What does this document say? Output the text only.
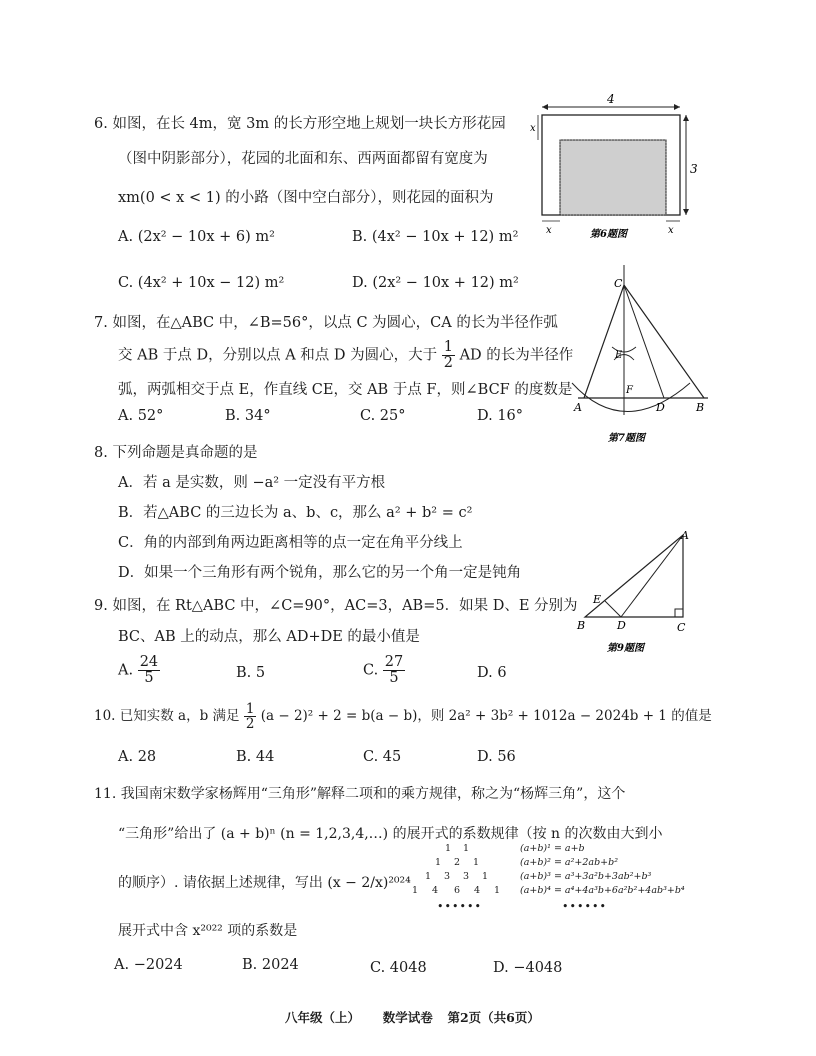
6. 如图，在长 4m，宽 3m 的长方形空地上规划一块长方形花园
（图中阴影部分），花园的北面和东、西两面都留有宽度为
xm(0 < x < 1) 的小路（图中空白部分），则花园的面积为
A. (2x² − 10x + 6) m²	B. (4x² − 10x + 12) m²
C. (4x² + 10x − 12) m²	D. (2x² − 10x + 12) m²
4
3
x
x	x
第6题图
7. 如图，在△ABC 中，∠B=56°，以点 C 为圆心，CA 的长为半径作弧
交 AB 于点 D，分别以点 A 和点 D 为圆心，大于 $\frac{1}{2}$ AD 的长为半径作
弧，两弧相交于点 E，作直线 CE，交 AB 于点 F，则∠BCF 的度数是
A. 52°	B. 34°	C. 25°	D. 16°
C
E
F
A	D	B
第7题图
8. 下列命题是真命题的是
A．若 a 是实数，则 −a² 一定没有平方根
B．若△ABC 的三边长为 a、b、c，那么 a² + b² = c²
C．角的内部到角两边距离相等的点一定在角平分线上
D．如果一个三角形有两个锐角，那么它的另一个角一定是钝角
A
E
B	D	C
第9题图
9. 如图，在 Rt△ABC 中，∠C=90°，AC=3，AB=5．如果 D、E 分别为
BC、AB 上的动点，那么 AD+DE 的最小值是
A. $\frac{24}{5}$	B. 5	C. $\frac{27}{5}$	D. 6
10. 已知实数 a，b 满足 $\frac{1}{2} (a - 2)^2 + 2 = b(a - b)$，则 2a² + 3b² + 1012a − 2024b + 1 的值是
A. 28	B. 44	C. 45	D. 56
11. 我国南宋数学家杨辉用“三角形”解释二项和的乘方规律，称之为“杨辉三角”，这个
“三角形”给出了 (a + b)ⁿ (n = 1,2,3,4,…) 的展开式的系数规律（按 n 的次数由大到小
的顺序）. 请依据上述规律，写出 (x − 2/x)²⁰²⁴
展开式中含 x²⁰²² 项的系数是
1 1
1 2 1
1 3 3 1
1 4 6 4 1
••••••
(a+b)¹ = a+b
(a+b)² = a²+2ab+b²
(a+b)³ = a³+3a²b+3ab²+b³
(a+b)⁴ = a⁴+4a³b+6a²b²+4ab³+b⁴
••••••
A. −2024	B. 2024	C. 4048	D. −4048
八年级（上） 数学试卷 第2页（共6页）
